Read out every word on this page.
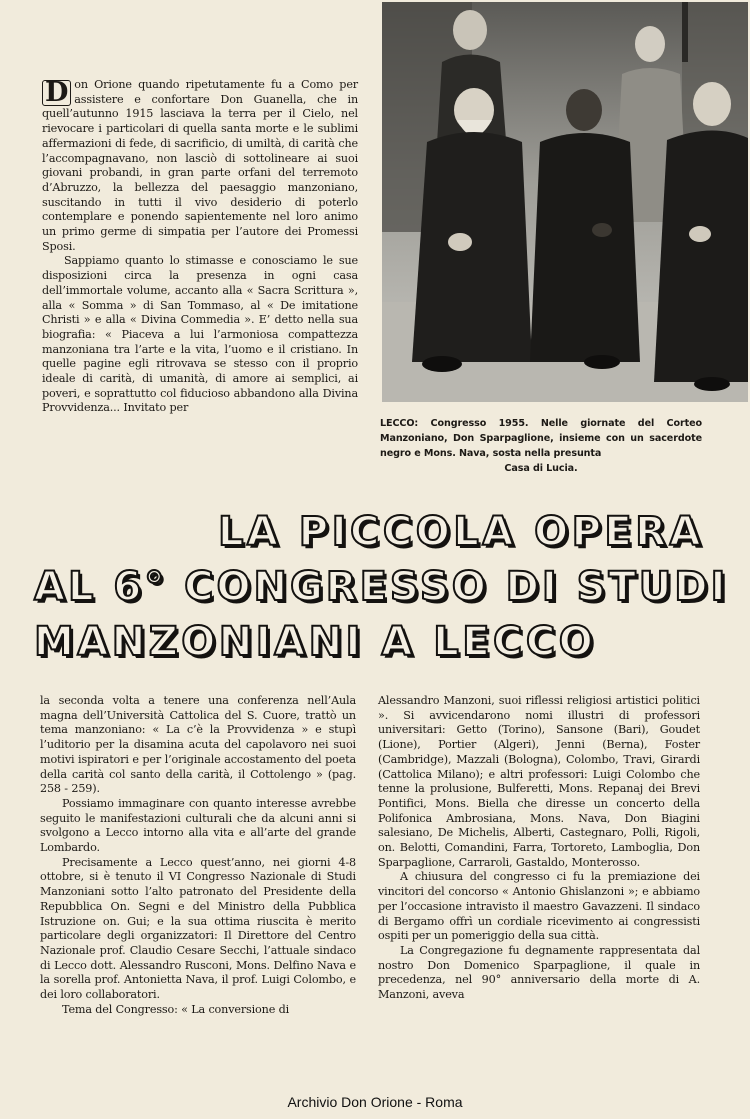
D on Orione quando ripetutamente fu a Como per assistere e confortare Don Guanella, che in quell’autunno 1915 lasciava la terra per il Cielo, nel rievocare i particolari di quella santa morte e le sublimi affermazioni di fede, di sacrificio, di umiltà, di carità che l’accompagnavano, non lasciò di sottolineare ai suoi giovani probandi, in gran parte orfani del terremoto d’Abruzzo, la bellezza del paesaggio manzoniano, suscitando in tutti il vivo desiderio di poterlo contemplare e ponendo sapientemente nel loro animo un primo germe di simpatia per l’autore dei Promessi Sposi.

Sappiamo quanto lo stimasse e conosciamo le sue disposizioni circa la presenza in ogni casa dell’immortale volume, accanto alla « Sacra Scrittura », alla « Somma » di San Tommaso, al « De imitatione Christi » e alla « Divina Commedia ». E’ detto nella sua biografia: « Piaceva a lui l’armoniosa compattezza manzoniana tra l’arte e la vita, l’uomo e il cristiano. In quelle pagine egli ritrovava se stesso con il proprio ideale di carità, di umanità, di amore ai semplici, ai poveri, e soprattutto col fiducioso abbandono alla Divina Provvidenza... Invitato per

LECCO: Congresso 1955. Nelle giornate del Corteo Manzoniano, Don Sparpaglione, insieme con un sacerdote negro e Mons. Nava, sosta nella presunta
Casa di Lucia.
LA PICCOLA OPERA
AL 6° CONGRESSO DI STUDI
MANZONIANI A LECCO

la seconda volta a tenere una conferenza nell’Aula magna dell’Università Cattolica del S. Cuore, trattò un tema manzoniano: « La c’è la Provvidenza » e stupì l’uditorio per la disamina acuta del capolavoro nei suoi motivi ispiratori e per l’originale accostamento del poeta della carità col santo della carità, il Cottolengo » (pag. 258 - 259).

Possiamo immaginare con quanto interesse avrebbe seguito le manifestazioni culturali che da alcuni anni si svolgono a Lecco intorno alla vita e all’arte del grande Lombardo.

Precisamente a Lecco quest’anno, nei giorni 4-8 ottobre, si è tenuto il VI Congresso Nazionale di Studi Manzoniani sotto l’alto patronato del Presidente della Repubblica On. Segni e del Ministro della Pubblica Istruzione on. Gui; e la sua ottima riuscita è merito particolare degli organizzatori: Il Direttore del Centro Nazionale prof. Claudio Cesare Secchi, l’attuale sindaco di Lecco dott. Alessandro Rusconi, Mons. Delfino Nava e la sorella prof. Antonietta Nava, il prof. Luigi Colombo, e dei loro collaboratori.

Tema del Congresso: « La conversione di

Alessandro Manzoni, suoi riflessi religiosi artistici politici ». Si avvicendarono nomi illustri di professori universitari: Getto (Torino), Sansone (Bari), Goudet (Lione), Portier (Algeri), Jenni (Berna), Foster (Cambridge), Mazzali (Bologna), Colombo, Travi, Girardi (Cattolica Milano); e altri professori: Luigi Colombo che tenne la prolusione, Bulferetti, Mons. Repanaj dei Brevi Pontifici, Mons. Biella che diresse un concerto della Polifonica Ambrosiana, Mons. Nava, Don Biagini salesiano, De Michelis, Alberti, Castegnaro, Polli, Rigoli, on. Belotti, Comandini, Farra, Tortoreto, Lamboglia, Don Sparpaglione, Carraroli, Gastaldo, Monterosso.

A chiusura del congresso ci fu la premiazione dei vincitori del concorso « Antonio Ghislanzoni »; e abbiamo per l’occasione intravisto il maestro Gavazzeni. Il sindaco di Bergamo offrì un cordiale ricevimento ai congressisti ospiti per un pomeriggio della sua città.

La Congregazione fu degnamente rappresentata dal nostro Don Domenico Sparpaglione, il quale in precedenza, nel 90° anniversario della morte di A. Manzoni, aveva

Archivio Don Orione - Roma
